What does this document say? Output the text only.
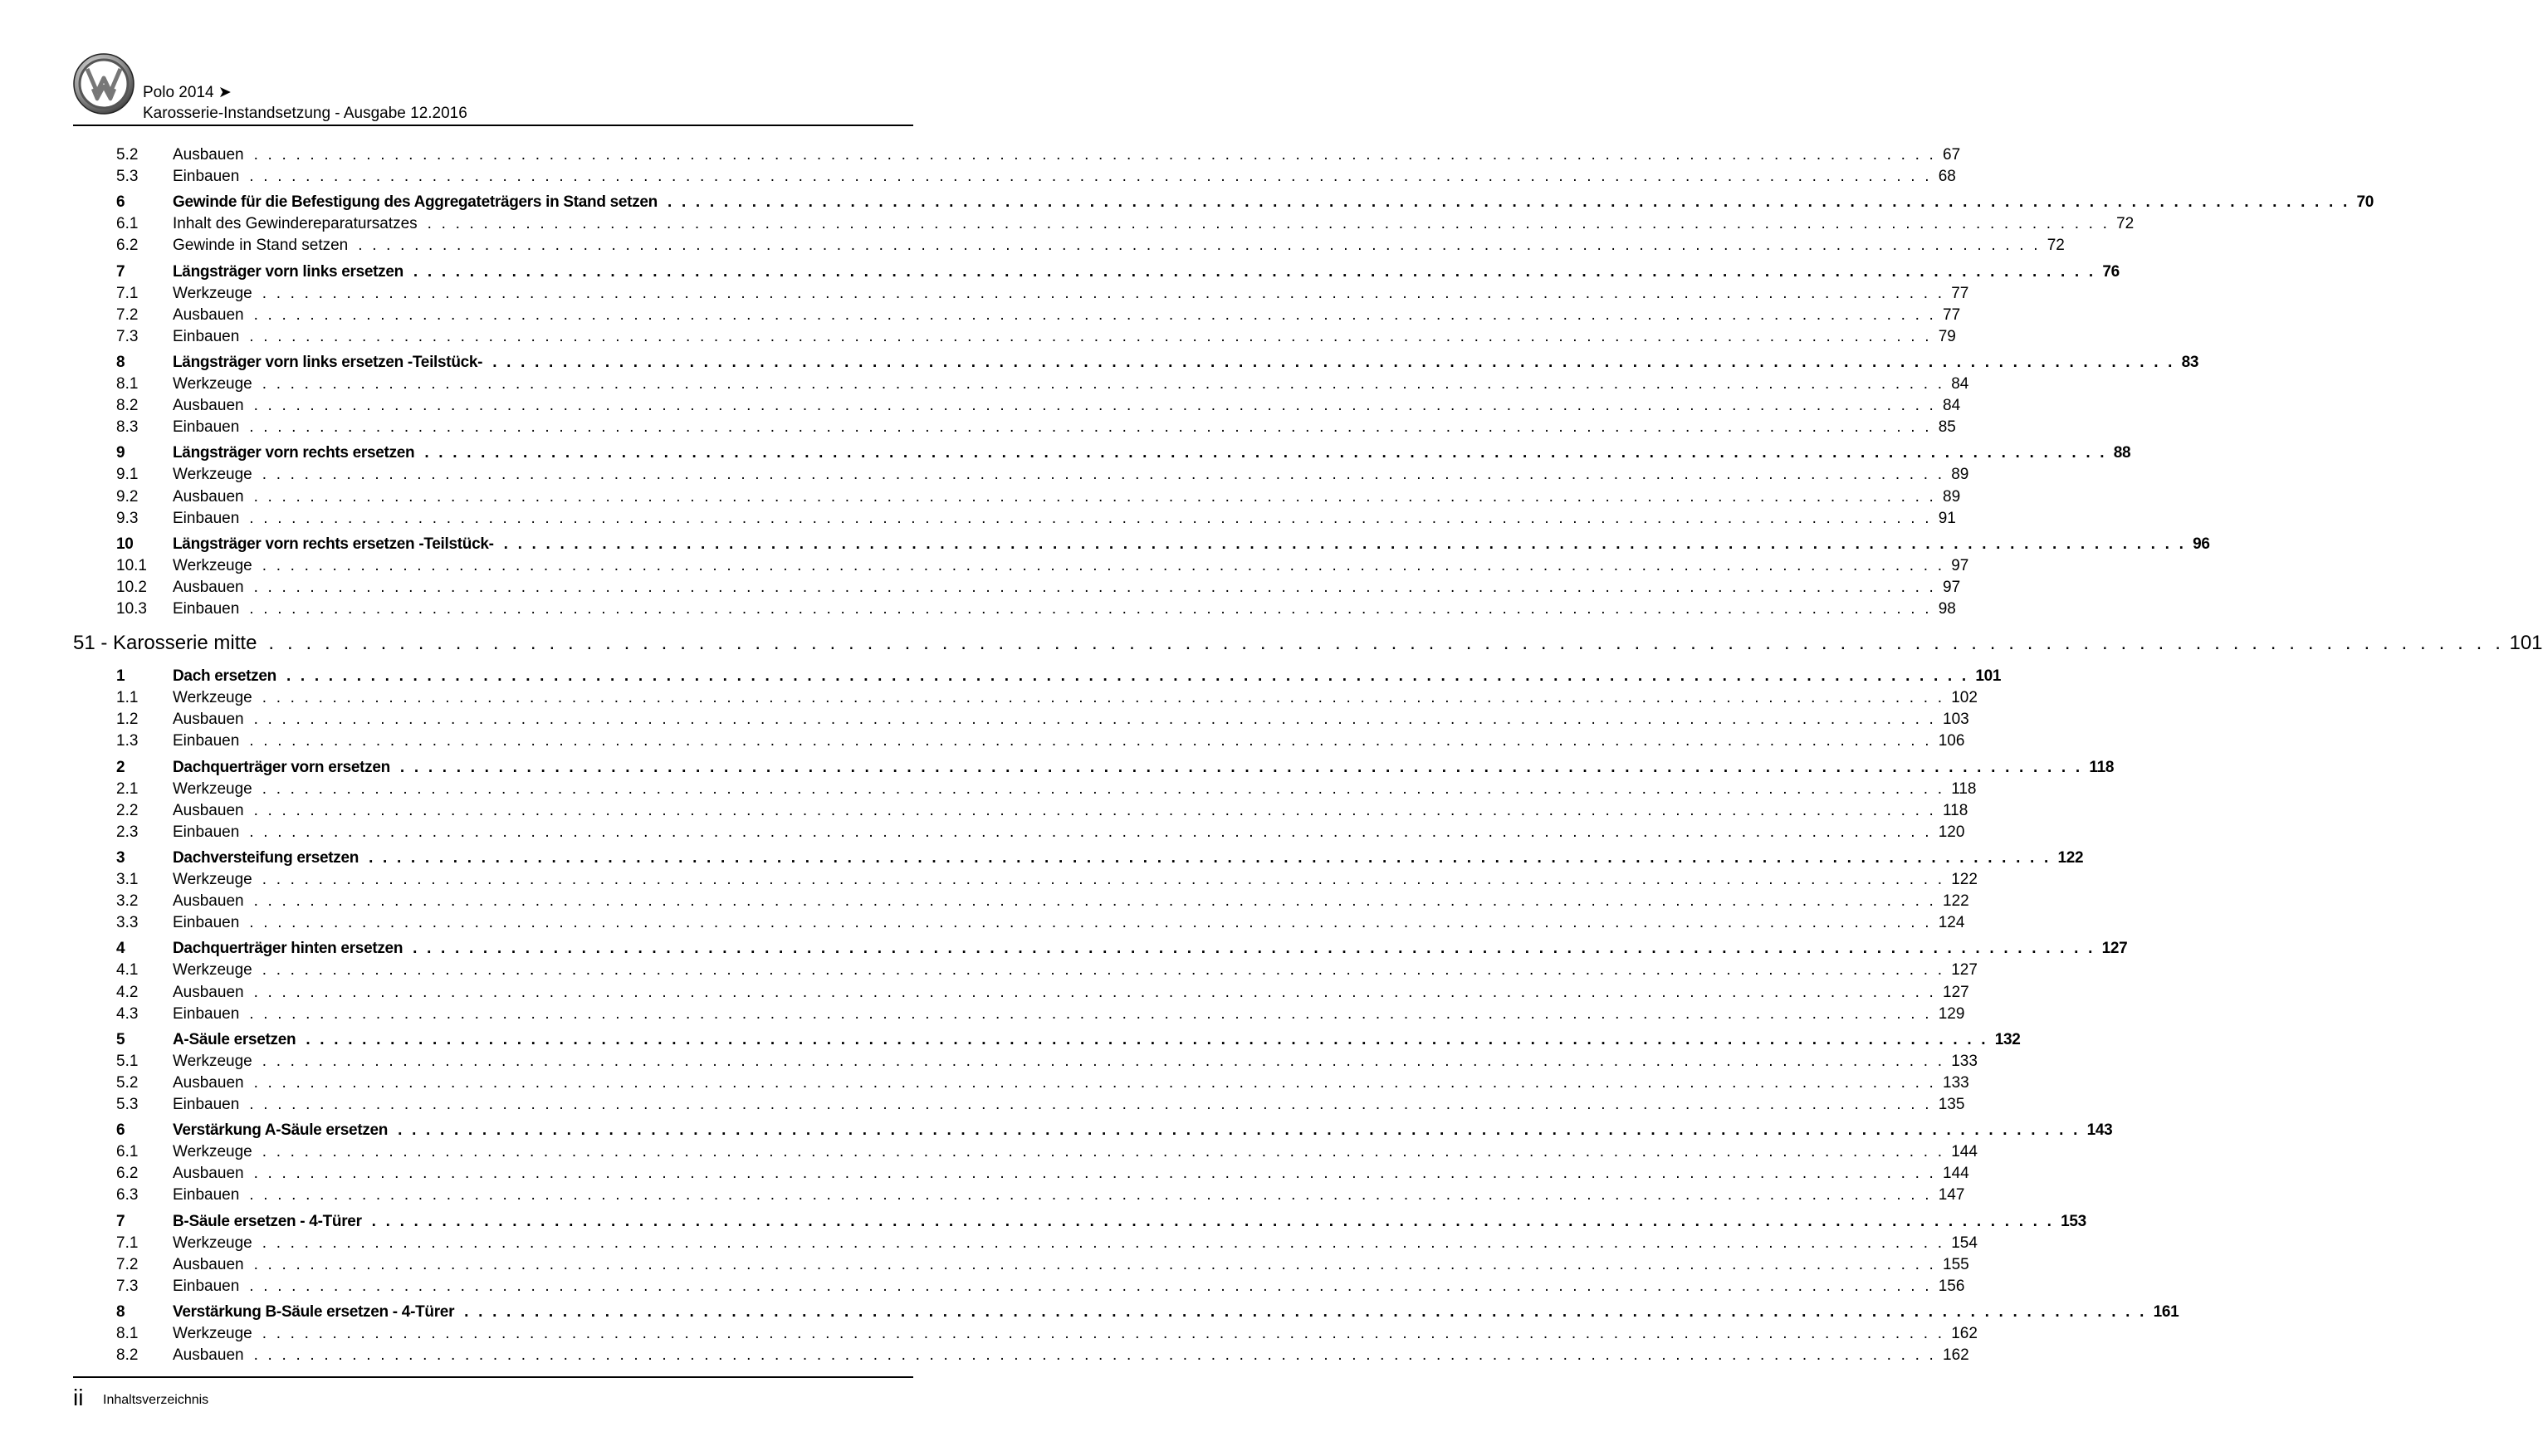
Polo 2014 ➤
Karosserie-Instandsetzung - Ausgabe 12.2016
5.2	Ausbauen . . . . . . . . . . . . . . . . . . . . . . . . . . . . . . . . . . . . . . . . . . . . . . . . . . . . . . . . . . . . . . . . . . . . . . . . . . . . . . . . . . . . . . . . . . . . . . . . . . . . . . . . . . . . . . . . . . . . . . . . 67
5.3	Einbauen . . . . . . . . . . . . . . . . . . . . . . . . . . . . . . . . . . . . . . . . . . . . . . . . . . . . . . . . . . . . . . . . . . . . . . . . . . . . . . . . . . . . . . . . . . . . . . . . . . . . . . . . . . . . . . . . . . . . . . . . 68
6	Gewinde für die Befestigung des Aggregateträgers in Stand setzen . . . . . . . . . . . . . . . . . . . . . . . . . . . . . . . . . . . . . . . . . . . . . . . . . . . . . . . . . . . . . . . . . . . . . . . . . . . . . . . . . . . . . . . . . . . . . . . . . . . . . . . . . . . . . . . . . . . . . . . . 70
6.1	Inhalt des Gewindereparatursatzes . . . . . . . . . . . . . . . . . . . . . . . . . . . . . . . . . . . . . . . . . . . . . . . . . . . . . . . . . . . . . . . . . . . . . . . . . . . . . . . . . . . . . . . . . . . . . . . . . . . . . . . . . . . . . . . . . . . . . . . . 72
6.2	Gewinde in Stand setzen . . . . . . . . . . . . . . . . . . . . . . . . . . . . . . . . . . . . . . . . . . . . . . . . . . . . . . . . . . . . . . . . . . . . . . . . . . . . . . . . . . . . . . . . . . . . . . . . . . . . . . . . . . . . . . . . . . . . . . . . 72
7	Längsträger vorn links ersetzen . . . . . . . . . . . . . . . . . . . . . . . . . . . . . . . . . . . . . . . . . . . . . . . . . . . . . . . . . . . . . . . . . . . . . . . . . . . . . . . . . . . . . . . . . . . . . . . . . . . . . . . . . . . . . . . . . . . . . . . . 76
7.1	Werkzeuge . . . . . . . . . . . . . . . . . . . . . . . . . . . . . . . . . . . . . . . . . . . . . . . . . . . . . . . . . . . . . . . . . . . . . . . . . . . . . . . . . . . . . . . . . . . . . . . . . . . . . . . . . . . . . . . . . . . . . . . . 77
7.2	Ausbauen . . . . . . . . . . . . . . . . . . . . . . . . . . . . . . . . . . . . . . . . . . . . . . . . . . . . . . . . . . . . . . . . . . . . . . . . . . . . . . . . . . . . . . . . . . . . . . . . . . . . . . . . . . . . . . . . . . . . . . . . 77
7.3	Einbauen . . . . . . . . . . . . . . . . . . . . . . . . . . . . . . . . . . . . . . . . . . . . . . . . . . . . . . . . . . . . . . . . . . . . . . . . . . . . . . . . . . . . . . . . . . . . . . . . . . . . . . . . . . . . . . . . . . . . . . . . 79
8	Längsträger vorn links ersetzen -Teilstück- . . . . . . . . . . . . . . . . . . . . . . . . . . . . . . . . . . . . . . . . . . . . . . . . . . . . . . . . . . . . . . . . . . . . . . . . . . . . . . . . . . . . . . . . . . . . . . . . . . . . . . . . . . . . . . . . . . . . . . . . 83
8.1	Werkzeuge . . . . . . . . . . . . . . . . . . . . . . . . . . . . . . . . . . . . . . . . . . . . . . . . . . . . . . . . . . . . . . . . . . . . . . . . . . . . . . . . . . . . . . . . . . . . . . . . . . . . . . . . . . . . . . . . . . . . . . . . 84
8.2	Ausbauen . . . . . . . . . . . . . . . . . . . . . . . . . . . . . . . . . . . . . . . . . . . . . . . . . . . . . . . . . . . . . . . . . . . . . . . . . . . . . . . . . . . . . . . . . . . . . . . . . . . . . . . . . . . . . . . . . . . . . . . . 84
8.3	Einbauen . . . . . . . . . . . . . . . . . . . . . . . . . . . . . . . . . . . . . . . . . . . . . . . . . . . . . . . . . . . . . . . . . . . . . . . . . . . . . . . . . . . . . . . . . . . . . . . . . . . . . . . . . . . . . . . . . . . . . . . . 85
9	Längsträger vorn rechts ersetzen . . . . . . . . . . . . . . . . . . . . . . . . . . . . . . . . . . . . . . . . . . . . . . . . . . . . . . . . . . . . . . . . . . . . . . . . . . . . . . . . . . . . . . . . . . . . . . . . . . . . . . . . . . . . . . . . . . . . . . . . 88
9.1	Werkzeuge . . . . . . . . . . . . . . . . . . . . . . . . . . . . . . . . . . . . . . . . . . . . . . . . . . . . . . . . . . . . . . . . . . . . . . . . . . . . . . . . . . . . . . . . . . . . . . . . . . . . . . . . . . . . . . . . . . . . . . . . 89
9.2	Ausbauen . . . . . . . . . . . . . . . . . . . . . . . . . . . . . . . . . . . . . . . . . . . . . . . . . . . . . . . . . . . . . . . . . . . . . . . . . . . . . . . . . . . . . . . . . . . . . . . . . . . . . . . . . . . . . . . . . . . . . . . . 89
9.3	Einbauen . . . . . . . . . . . . . . . . . . . . . . . . . . . . . . . . . . . . . . . . . . . . . . . . . . . . . . . . . . . . . . . . . . . . . . . . . . . . . . . . . . . . . . . . . . . . . . . . . . . . . . . . . . . . . . . . . . . . . . . . 91
10	Längsträger vorn rechts ersetzen -Teilstück- . . . . . . . . . . . . . . . . . . . . . . . . . . . . . . . . . . . . . . . . . . . . . . . . . . . . . . . . . . . . . . . . . . . . . . . . . . . . . . . . . . . . . . . . . . . . . . . . . . . . . . . . . . . . . . . . . . . . . . . . 96
10.1	Werkzeuge . . . . . . . . . . . . . . . . . . . . . . . . . . . . . . . . . . . . . . . . . . . . . . . . . . . . . . . . . . . . . . . . . . . . . . . . . . . . . . . . . . . . . . . . . . . . . . . . . . . . . . . . . . . . . . . . . . . . . . . . 97
10.2	Ausbauen . . . . . . . . . . . . . . . . . . . . . . . . . . . . . . . . . . . . . . . . . . . . . . . . . . . . . . . . . . . . . . . . . . . . . . . . . . . . . . . . . . . . . . . . . . . . . . . . . . . . . . . . . . . . . . . . . . . . . . . . 97
10.3	Einbauen . . . . . . . . . . . . . . . . . . . . . . . . . . . . . . . . . . . . . . . . . . . . . . . . . . . . . . . . . . . . . . . . . . . . . . . . . . . . . . . . . . . . . . . . . . . . . . . . . . . . . . . . . . . . . . . . . . . . . . . . 98
51 - Karosserie mitte . . . . . . . . . . . . . . . . . . . . . . . . . . . . . . . . . . . . . . . . . . . . . . . . . . . . . . . . . . . . . . . . . . . . . . . . . . . . . . . . . . . . . . . . . . . . . . . . . . . . . . . . . . . . . . . . . . . . . . . . 101
1	Dach ersetzen . . . . . . . . . . . . . . . . . . . . . . . . . . . . . . . . . . . . . . . . . . . . . . . . . . . . . . . . . . . . . . . . . . . . . . . . . . . . . . . . . . . . . . . . . . . . . . . . . . . . . . . . . . . . . . . . . . . . . . . . 101
1.1	Werkzeuge . . . . . . . . . . . . . . . . . . . . . . . . . . . . . . . . . . . . . . . . . . . . . . . . . . . . . . . . . . . . . . . . . . . . . . . . . . . . . . . . . . . . . . . . . . . . . . . . . . . . . . . . . . . . . . . . . . . . . . . . 102
1.2	Ausbauen . . . . . . . . . . . . . . . . . . . . . . . . . . . . . . . . . . . . . . . . . . . . . . . . . . . . . . . . . . . . . . . . . . . . . . . . . . . . . . . . . . . . . . . . . . . . . . . . . . . . . . . . . . . . . . . . . . . . . . . . 103
1.3	Einbauen . . . . . . . . . . . . . . . . . . . . . . . . . . . . . . . . . . . . . . . . . . . . . . . . . . . . . . . . . . . . . . . . . . . . . . . . . . . . . . . . . . . . . . . . . . . . . . . . . . . . . . . . . . . . . . . . . . . . . . . . 106
2	Dachquerträger vorn ersetzen . . . . . . . . . . . . . . . . . . . . . . . . . . . . . . . . . . . . . . . . . . . . . . . . . . . . . . . . . . . . . . . . . . . . . . . . . . . . . . . . . . . . . . . . . . . . . . . . . . . . . . . . . . . . . . . . . . . . . . . . 118
2.1	Werkzeuge . . . . . . . . . . . . . . . . . . . . . . . . . . . . . . . . . . . . . . . . . . . . . . . . . . . . . . . . . . . . . . . . . . . . . . . . . . . . . . . . . . . . . . . . . . . . . . . . . . . . . . . . . . . . . . . . . . . . . . . . 118
2.2	Ausbauen . . . . . . . . . . . . . . . . . . . . . . . . . . . . . . . . . . . . . . . . . . . . . . . . . . . . . . . . . . . . . . . . . . . . . . . . . . . . . . . . . . . . . . . . . . . . . . . . . . . . . . . . . . . . . . . . . . . . . . . . 118
2.3	Einbauen . . . . . . . . . . . . . . . . . . . . . . . . . . . . . . . . . . . . . . . . . . . . . . . . . . . . . . . . . . . . . . . . . . . . . . . . . . . . . . . . . . . . . . . . . . . . . . . . . . . . . . . . . . . . . . . . . . . . . . . . 120
3	Dachversteifung ersetzen . . . . . . . . . . . . . . . . . . . . . . . . . . . . . . . . . . . . . . . . . . . . . . . . . . . . . . . . . . . . . . . . . . . . . . . . . . . . . . . . . . . . . . . . . . . . . . . . . . . . . . . . . . . . . . . . . . . . . . . . 122
3.1	Werkzeuge . . . . . . . . . . . . . . . . . . . . . . . . . . . . . . . . . . . . . . . . . . . . . . . . . . . . . . . . . . . . . . . . . . . . . . . . . . . . . . . . . . . . . . . . . . . . . . . . . . . . . . . . . . . . . . . . . . . . . . . . 122
3.2	Ausbauen . . . . . . . . . . . . . . . . . . . . . . . . . . . . . . . . . . . . . . . . . . . . . . . . . . . . . . . . . . . . . . . . . . . . . . . . . . . . . . . . . . . . . . . . . . . . . . . . . . . . . . . . . . . . . . . . . . . . . . . . 122
3.3	Einbauen . . . . . . . . . . . . . . . . . . . . . . . . . . . . . . . . . . . . . . . . . . . . . . . . . . . . . . . . . . . . . . . . . . . . . . . . . . . . . . . . . . . . . . . . . . . . . . . . . . . . . . . . . . . . . . . . . . . . . . . . 124
4	Dachquerträger hinten ersetzen . . . . . . . . . . . . . . . . . . . . . . . . . . . . . . . . . . . . . . . . . . . . . . . . . . . . . . . . . . . . . . . . . . . . . . . . . . . . . . . . . . . . . . . . . . . . . . . . . . . . . . . . . . . . . . . . . . . . . . . . 127
4.1	Werkzeuge . . . . . . . . . . . . . . . . . . . . . . . . . . . . . . . . . . . . . . . . . . . . . . . . . . . . . . . . . . . . . . . . . . . . . . . . . . . . . . . . . . . . . . . . . . . . . . . . . . . . . . . . . . . . . . . . . . . . . . . . 127
4.2	Ausbauen . . . . . . . . . . . . . . . . . . . . . . . . . . . . . . . . . . . . . . . . . . . . . . . . . . . . . . . . . . . . . . . . . . . . . . . . . . . . . . . . . . . . . . . . . . . . . . . . . . . . . . . . . . . . . . . . . . . . . . . . 127
4.3	Einbauen . . . . . . . . . . . . . . . . . . . . . . . . . . . . . . . . . . . . . . . . . . . . . . . . . . . . . . . . . . . . . . . . . . . . . . . . . . . . . . . . . . . . . . . . . . . . . . . . . . . . . . . . . . . . . . . . . . . . . . . . 129
5	A-Säule ersetzen . . . . . . . . . . . . . . . . . . . . . . . . . . . . . . . . . . . . . . . . . . . . . . . . . . . . . . . . . . . . . . . . . . . . . . . . . . . . . . . . . . . . . . . . . . . . . . . . . . . . . . . . . . . . . . . . . . . . . . . . 132
5.1	Werkzeuge . . . . . . . . . . . . . . . . . . . . . . . . . . . . . . . . . . . . . . . . . . . . . . . . . . . . . . . . . . . . . . . . . . . . . . . . . . . . . . . . . . . . . . . . . . . . . . . . . . . . . . . . . . . . . . . . . . . . . . . . 133
5.2	Ausbauen . . . . . . . . . . . . . . . . . . . . . . . . . . . . . . . . . . . . . . . . . . . . . . . . . . . . . . . . . . . . . . . . . . . . . . . . . . . . . . . . . . . . . . . . . . . . . . . . . . . . . . . . . . . . . . . . . . . . . . . . 133
5.3	Einbauen . . . . . . . . . . . . . . . . . . . . . . . . . . . . . . . . . . . . . . . . . . . . . . . . . . . . . . . . . . . . . . . . . . . . . . . . . . . . . . . . . . . . . . . . . . . . . . . . . . . . . . . . . . . . . . . . . . . . . . . . 135
6	Verstärkung A-Säule ersetzen . . . . . . . . . . . . . . . . . . . . . . . . . . . . . . . . . . . . . . . . . . . . . . . . . . . . . . . . . . . . . . . . . . . . . . . . . . . . . . . . . . . . . . . . . . . . . . . . . . . . . . . . . . . . . . . . . . . . . . . . 143
6.1	Werkzeuge . . . . . . . . . . . . . . . . . . . . . . . . . . . . . . . . . . . . . . . . . . . . . . . . . . . . . . . . . . . . . . . . . . . . . . . . . . . . . . . . . . . . . . . . . . . . . . . . . . . . . . . . . . . . . . . . . . . . . . . . 144
6.2	Ausbauen . . . . . . . . . . . . . . . . . . . . . . . . . . . . . . . . . . . . . . . . . . . . . . . . . . . . . . . . . . . . . . . . . . . . . . . . . . . . . . . . . . . . . . . . . . . . . . . . . . . . . . . . . . . . . . . . . . . . . . . . 144
6.3	Einbauen . . . . . . . . . . . . . . . . . . . . . . . . . . . . . . . . . . . . . . . . . . . . . . . . . . . . . . . . . . . . . . . . . . . . . . . . . . . . . . . . . . . . . . . . . . . . . . . . . . . . . . . . . . . . . . . . . . . . . . . . 147
7	B-Säule ersetzen - 4-Türer . . . . . . . . . . . . . . . . . . . . . . . . . . . . . . . . . . . . . . . . . . . . . . . . . . . . . . . . . . . . . . . . . . . . . . . . . . . . . . . . . . . . . . . . . . . . . . . . . . . . . . . . . . . . . . . . . . . . . . . . 153
7.1	Werkzeuge . . . . . . . . . . . . . . . . . . . . . . . . . . . . . . . . . . . . . . . . . . . . . . . . . . . . . . . . . . . . . . . . . . . . . . . . . . . . . . . . . . . . . . . . . . . . . . . . . . . . . . . . . . . . . . . . . . . . . . . . 154
7.2	Ausbauen . . . . . . . . . . . . . . . . . . . . . . . . . . . . . . . . . . . . . . . . . . . . . . . . . . . . . . . . . . . . . . . . . . . . . . . . . . . . . . . . . . . . . . . . . . . . . . . . . . . . . . . . . . . . . . . . . . . . . . . . 155
7.3	Einbauen . . . . . . . . . . . . . . . . . . . . . . . . . . . . . . . . . . . . . . . . . . . . . . . . . . . . . . . . . . . . . . . . . . . . . . . . . . . . . . . . . . . . . . . . . . . . . . . . . . . . . . . . . . . . . . . . . . . . . . . . 156
8	Verstärkung B-Säule ersetzen - 4-Türer . . . . . . . . . . . . . . . . . . . . . . . . . . . . . . . . . . . . . . . . . . . . . . . . . . . . . . . . . . . . . . . . . . . . . . . . . . . . . . . . . . . . . . . . . . . . . . . . . . . . . . . . . . . . . . . . . . . . . . . . 161
8.1	Werkzeuge . . . . . . . . . . . . . . . . . . . . . . . . . . . . . . . . . . . . . . . . . . . . . . . . . . . . . . . . . . . . . . . . . . . . . . . . . . . . . . . . . . . . . . . . . . . . . . . . . . . . . . . . . . . . . . . . . . . . . . . . 162
8.2	Ausbauen . . . . . . . . . . . . . . . . . . . . . . . . . . . . . . . . . . . . . . . . . . . . . . . . . . . . . . . . . . . . . . . . . . . . . . . . . . . . . . . . . . . . . . . . . . . . . . . . . . . . . . . . . . . . . . . . . . . . . . . . 162
ii Inhaltsverzeichnis
